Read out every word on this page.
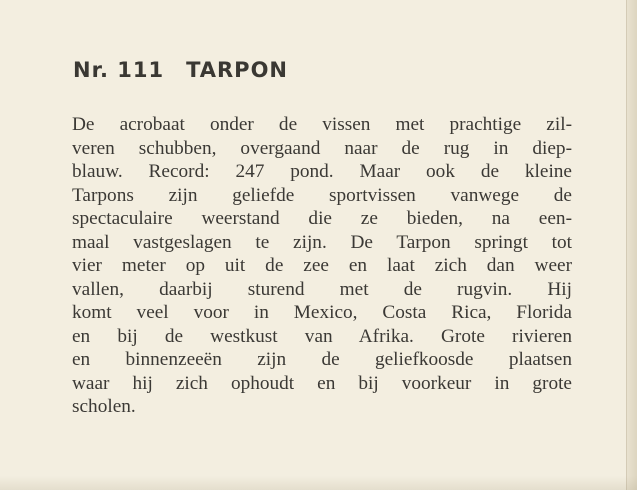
Nr. 111 TARPON
De acrobaat onder de vissen met prachtige zil-
veren schubben, overgaand naar de rug in diep-
blauw. Record: 247 pond. Maar ook de kleine
Tarpons zijn geliefde sportvissen vanwege de
spectaculaire weerstand die ze bieden, na een-
maal vastgeslagen te zijn. De Tarpon springt tot
vier meter op uit de zee en laat zich dan weer
vallen, daarbij sturend met de rugvin. Hij
komt veel voor in Mexico, Costa Rica, Florida
en bij de westkust van Afrika. Grote rivieren
en binnenzeeën zijn de geliefkoosde plaatsen
waar hij zich ophoudt en bij voorkeur in grote
scholen.
